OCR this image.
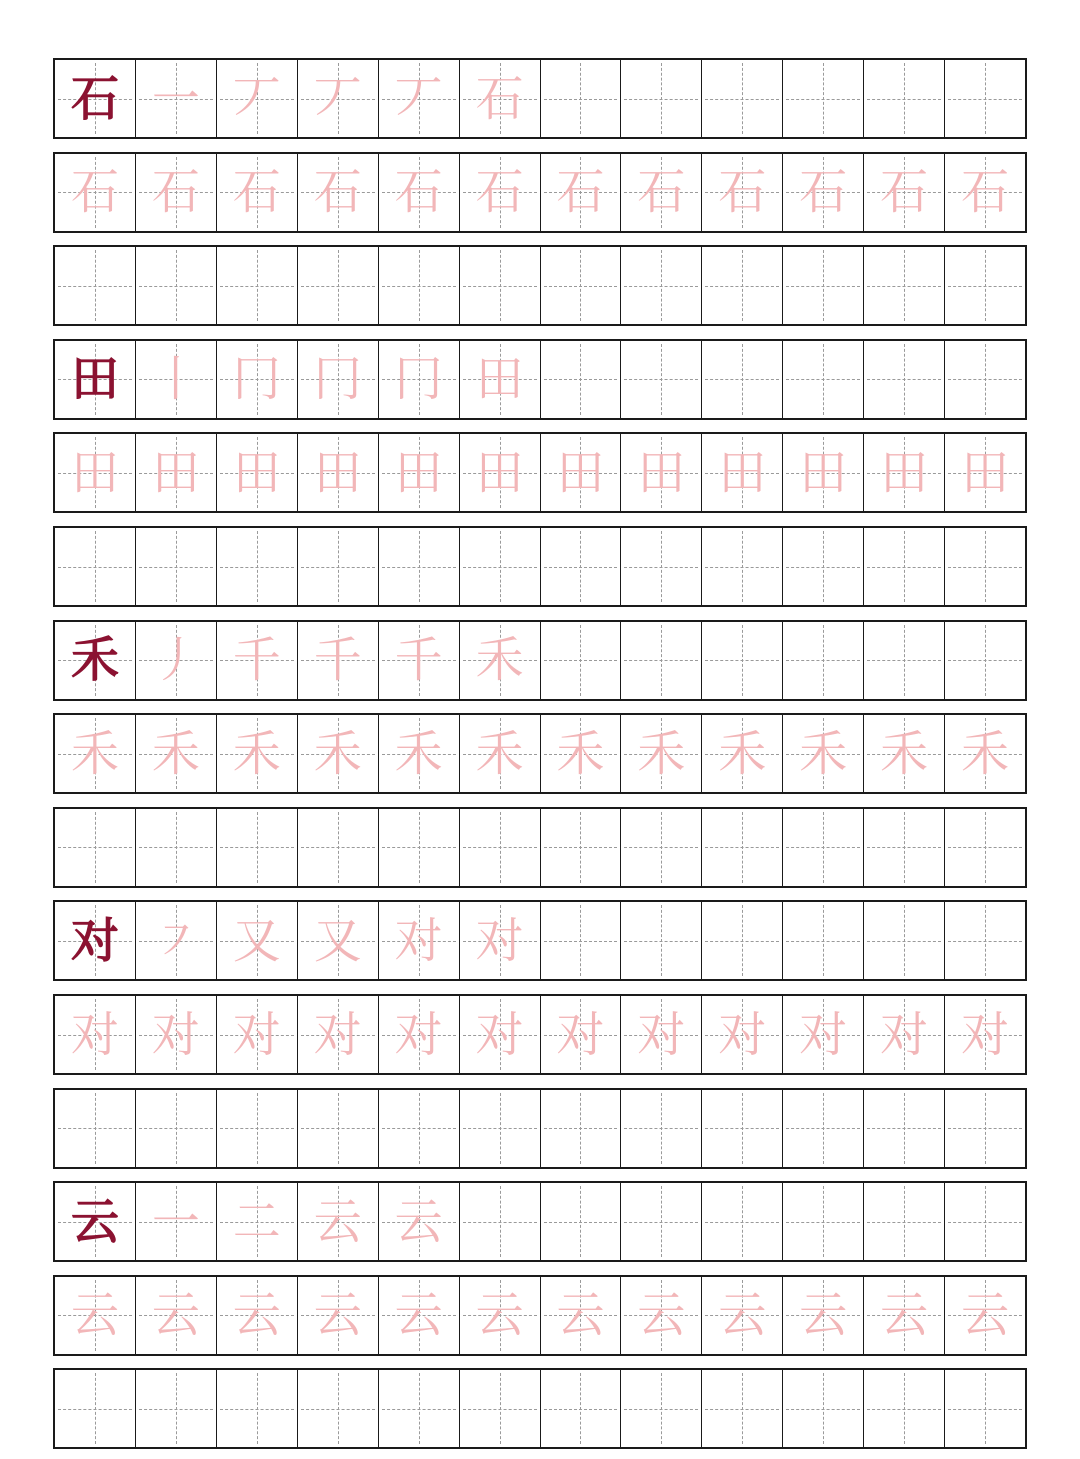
石 一 丆 丆 丆 石
石 石 石 石 石 石 石 石 石 石 石 石
田 丨 冂 冂 冂 田
田 田 田 田 田 田 田 田 田 田 田 田
禾 丿 千 千 千 禾
禾 禾 禾 禾 禾 禾 禾 禾 禾 禾 禾 禾
对 ㇇ 又 又 对 对
对 对 对 对 对 对 对 对 对 对 对 对
云 一 二 云 云
云 云 云 云 云 云 云 云 云 云 云 云
